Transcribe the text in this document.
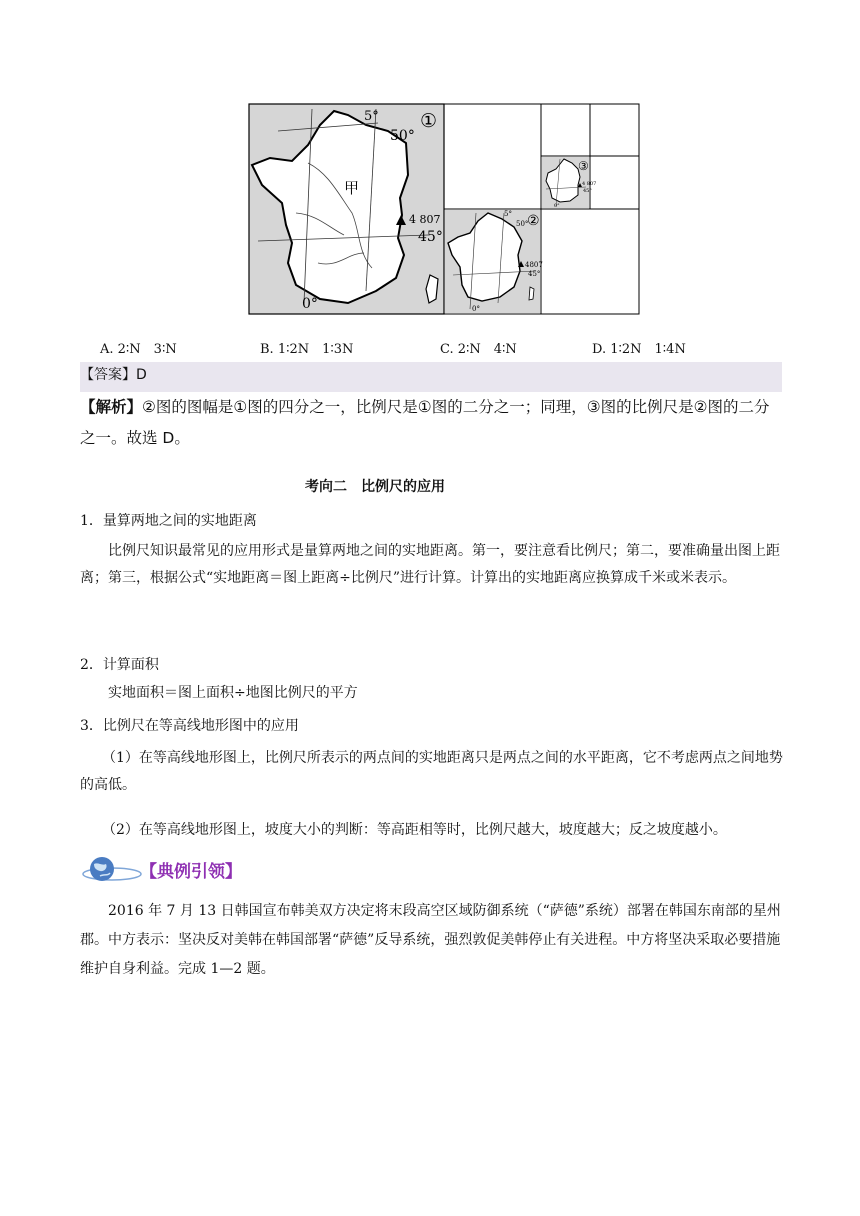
4 807
45°
50°
5°
0°
甲
①
4807
45°
50°
5°
0°
②
4 807
45°
0°
③
A. 2∶N　3∶N	B. 1∶2N　1∶3N	C. 2∶N　4∶N	D. 1∶2N　1∶4N
【答案】D
【解析】②图的图幅是①图的四分之一，比例尺是①图的二分之一；同理，③图的比例尺是②图的二分之一。故选 D。
考向二　比例尺的应用
1．量算两地之间的实地距离
比例尺知识最常见的应用形式是量算两地之间的实地距离。第一，要注意看比例尺；第二，要准确量出图上距离；第三，根据公式“实地距离＝图上距离÷比例尺”进行计算。计算出的实地距离应换算成千米或米表示。
2．计算面积
实地面积＝图上面积÷地图比例尺的平方
3．比例尺在等高线地形图中的应用
（1）在等高线地形图上，比例尺所表示的两点间的实地距离只是两点之间的水平距离，它不考虑两点之间地势的高低。
（2）在等高线地形图上，坡度大小的判断：等高距相等时，比例尺越大，坡度越大；反之坡度越小。
【典例引领】
2016 年 7 月 13 日韩国宣布韩美双方决定将末段高空区域防御系统（“萨德”系统）部署在韩国东南部的星州郡。中方表示：坚决反对美韩在韩国部署“萨德”反导系统，强烈敦促美韩停止有关进程。中方将坚决采取必要措施维护自身利益。完成 1—2 题。
